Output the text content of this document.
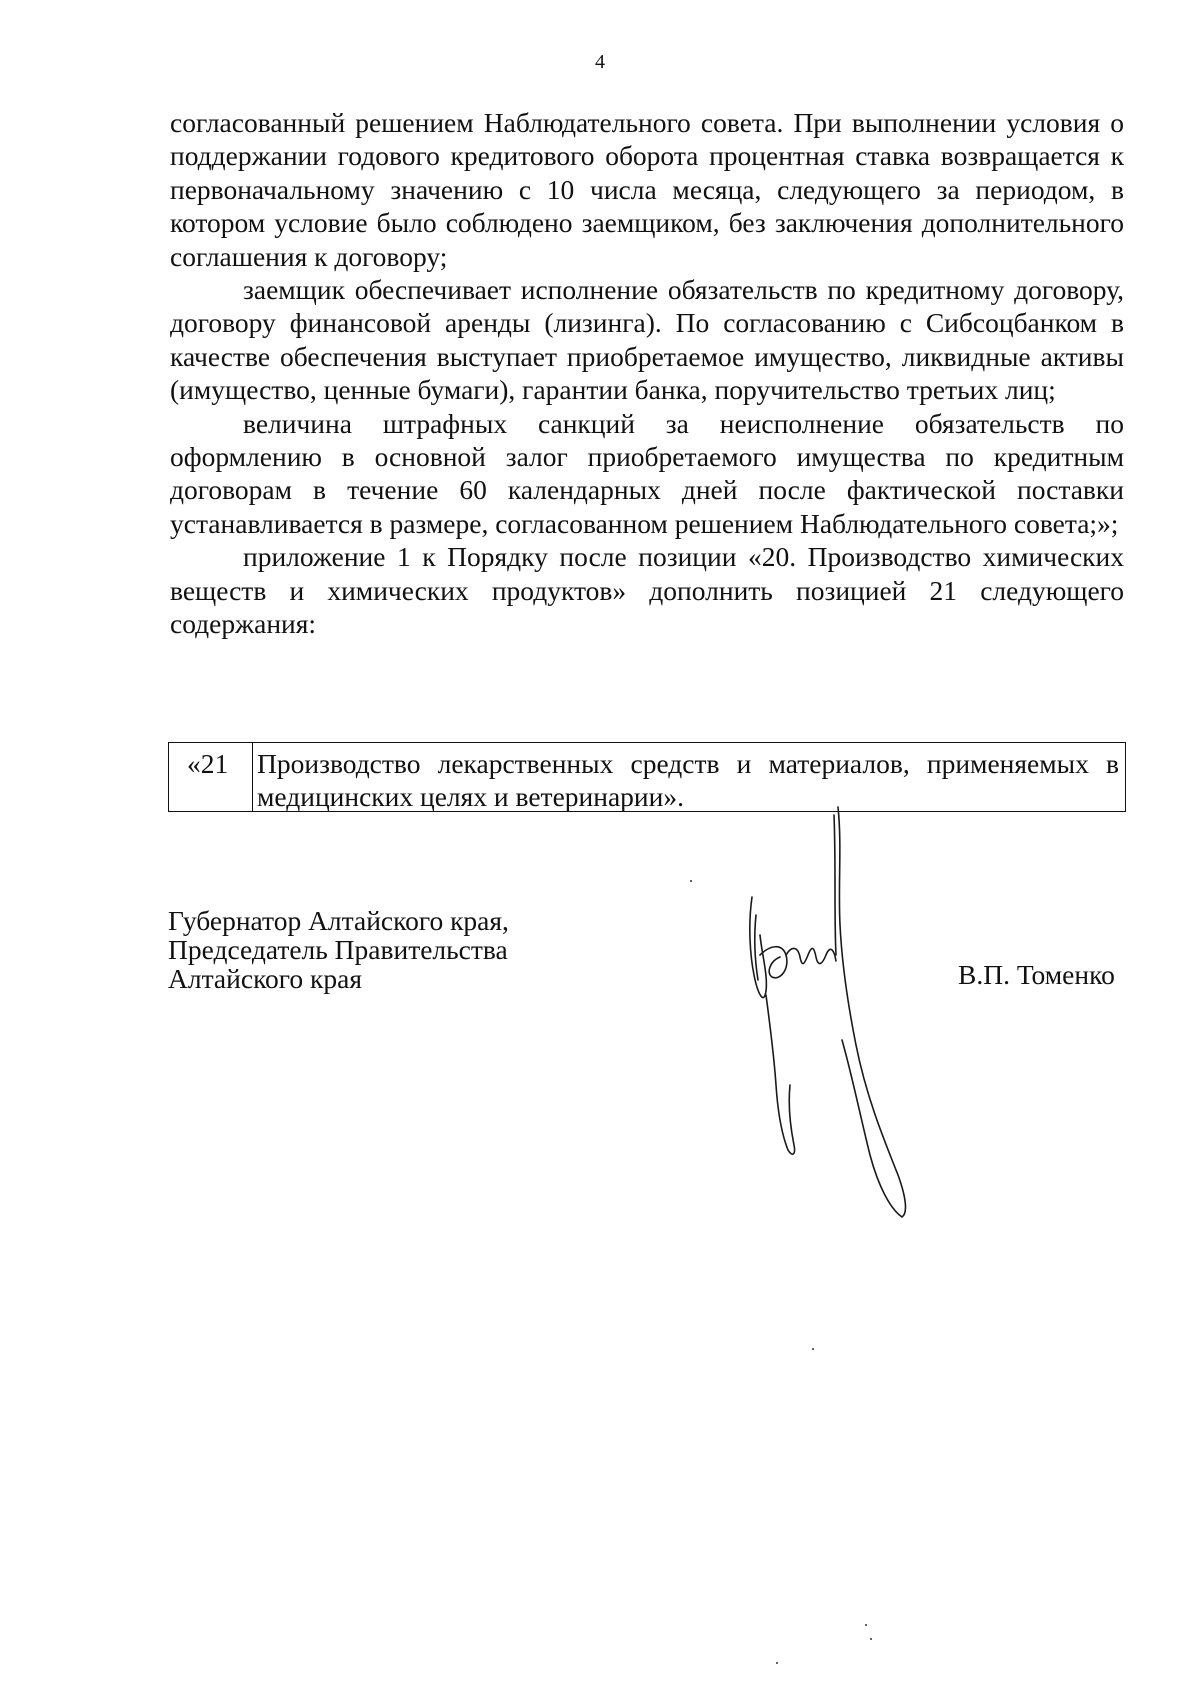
4

согласованный решением Наблюдательного совета. При выполнении условия о поддержании годового кредитового оборота процентная ставка возвращается к первоначальному значению с 10 числа месяца, следующего за периодом, в котором условие было соблюдено заемщиком, без заключения дополнительного соглашения к договору;

заемщик обеспечивает исполнение обязательств по кредитному договору, договору финансовой аренды (лизинга). По согласованию с Сибсоцбанком в качестве обеспечения выступает приобретаемое имущество, ликвидные активы (имущество, ценные бумаги), гарантии банка, поручительство третьих лиц;

величина штрафных санкций за неисполнение обязательств по оформлению в основной залог приобретаемого имущества по кредитным договорам в течение 60 календарных дней после фактической поставки устанавливается в размере, согласованном решением Наблюдательного совета;»;

приложение 1 к Порядку после позиции «20. Производство химических веществ и химических продуктов» дополнить позицией 21 следующего содержания:

«21	Производство лекарственных средств и материалов, применяемых в медицинских целях и ветеринарии».
Губернатор Алтайского края,
Председатель Правительства
Алтайского края	В.П. Томенко
